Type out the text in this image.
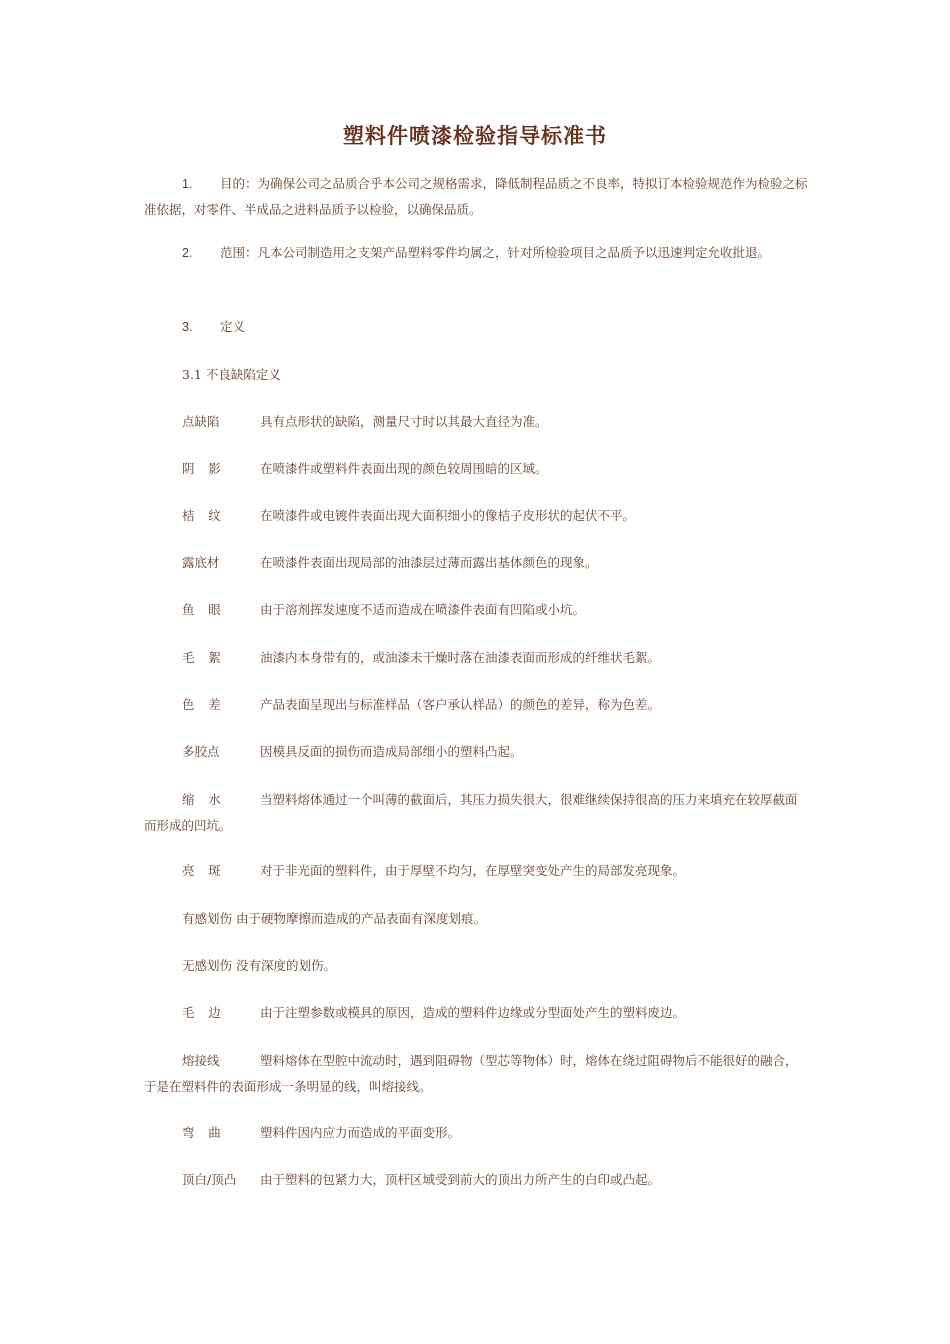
塑料件喷漆检验指导标准书
1. 目的：为确保公司之品质合乎本公司之规格需求，降低制程品质之不良率，特拟订本检验规范作为检验之标准依据，对零件、半成品之进料品质予以检验，以确保品质。
2. 范围：凡本公司制造用之支架产品塑料零件均属之，针对所检验项目之品质予以迅速判定允收批退。
3. 定义
3.1 不良缺陷定义
点缺陷	具有点形状的缺陷，测量尺寸时以其最大直径为准。
阴影 在喷漆件或塑料件表面出现的颜色较周围暗的区域。
桔纹 在喷漆件或电镀件表面出现大面积细小的像桔子皮形状的起伏不平。
露底材	在喷漆件表面出现局部的油漆层过薄而露出基体颜色的现象。
鱼眼 由于溶剂挥发速度不适而造成在喷漆件表面有凹陷或小坑。
毛絮 油漆内本身带有的，或油漆未干燥时落在油漆表面而形成的纤维状毛絮。
色差 产品表面呈现出与标准样品（客户承认样品）的颜色的差异，称为色差。
多胶点	因模具反面的损伤而造成局部细小的塑料凸起。
缩水 当塑料熔体通过一个叫薄的截面后，其压力损失很大，很难继续保持很高的压力来填充在较厚截面而形成的凹坑。
亮斑 对于非光面的塑料件，由于厚壁不均匀，在厚壁突变处产生的局部发亮现象。
有感划伤 由于硬物摩擦而造成的产品表面有深度划痕。
无感划伤 没有深度的划伤。
毛边 由于注塑参数或模具的原因，造成的塑料件边缘或分型面处产生的塑料废边。
熔接线	塑料熔体在型腔中流动时，遇到阻碍物（型芯等物体）时，熔体在绕过阻碍物后不能很好的融合，于是在塑料件的表面形成一条明显的线，叫熔接线。
弯曲 塑料件因内应力而造成的平面变形。
顶白/顶凸 由于塑料的包紧力大，顶杆区域受到前大的顶出力所产生的白印或凸起。
